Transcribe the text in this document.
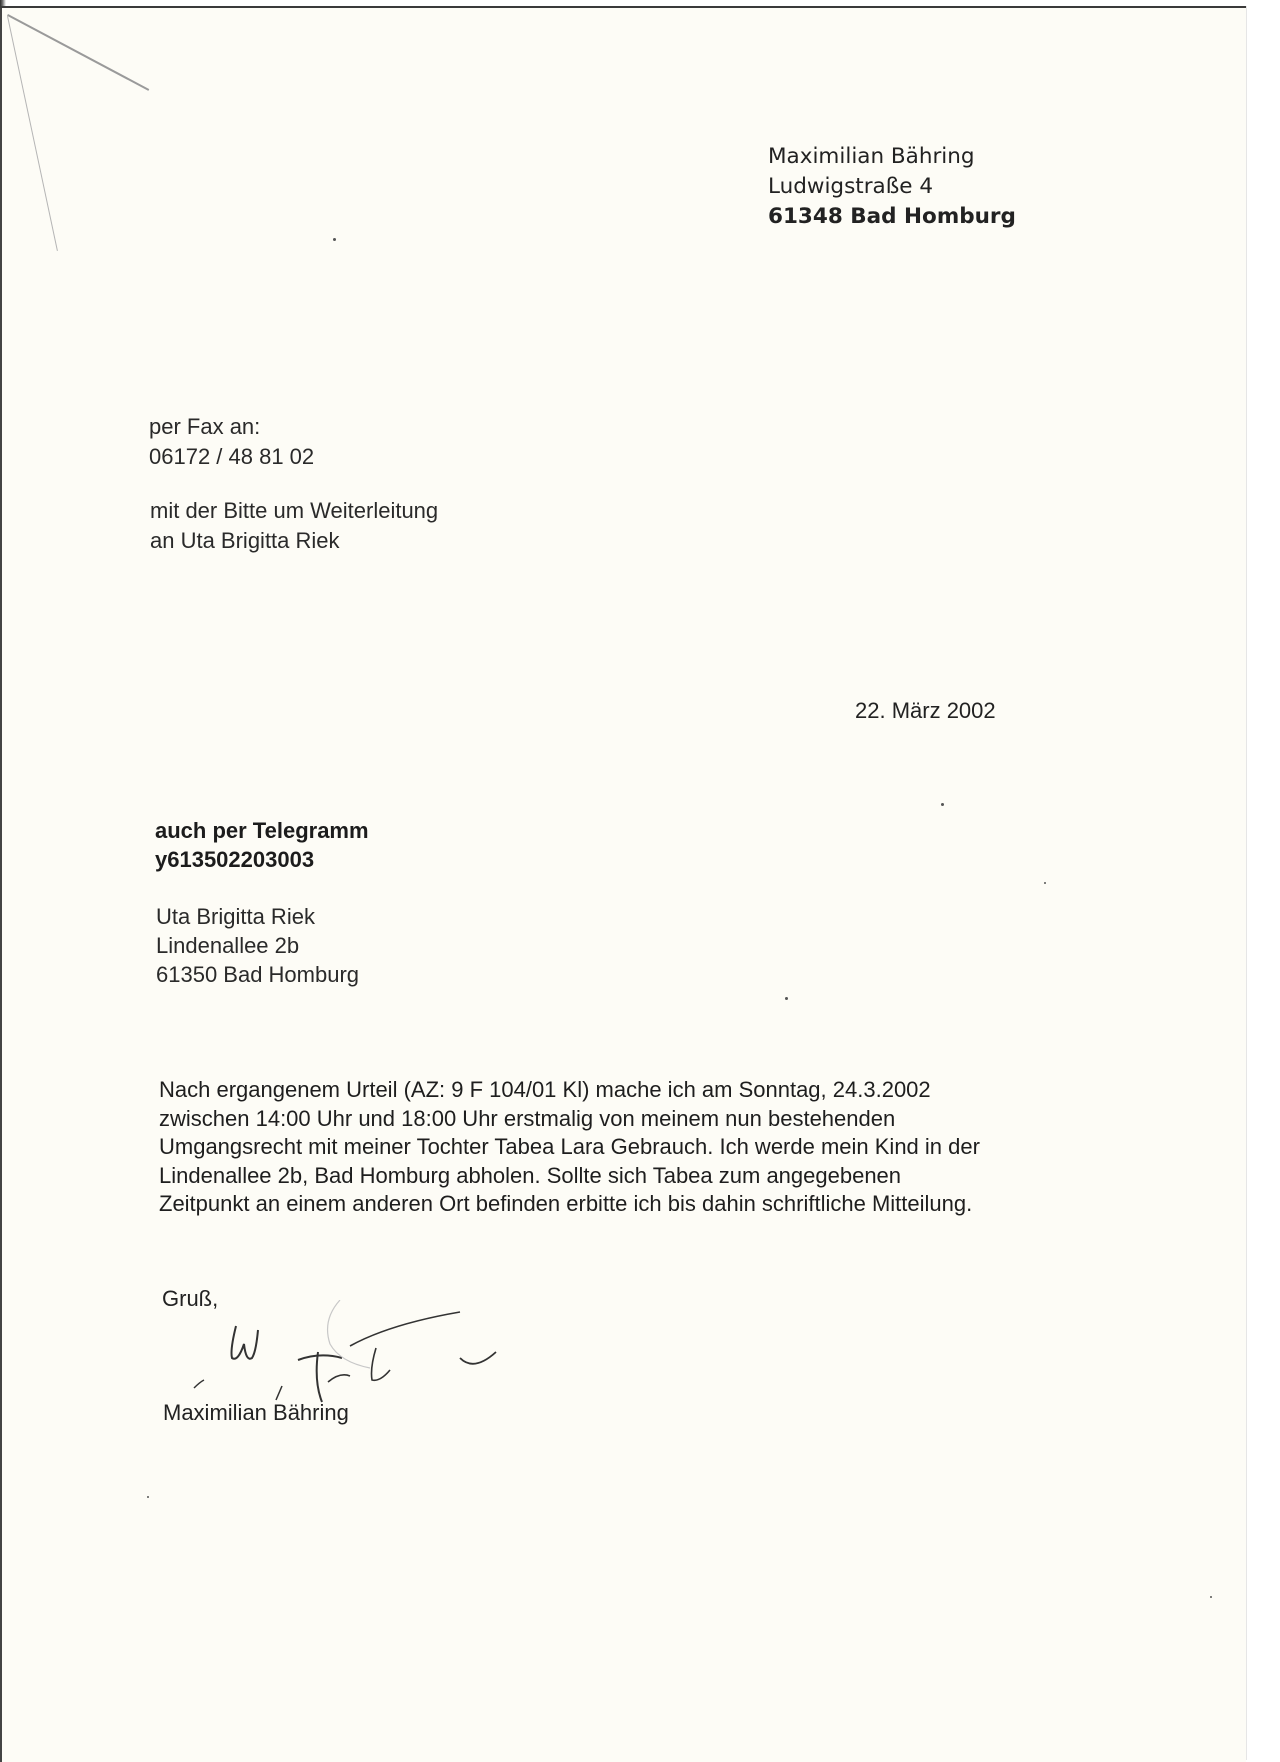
Maximilian Bähring
Ludwigstraße 4
61348 Bad Homburg
per Fax an:
06172 / 48 81 02
mit der Bitte um Weiterleitung
an Uta Brigitta Riek
22. März 2002
auch per Telegramm
y613502203003
Uta Brigitta Riek
Lindenallee 2b
61350 Bad Homburg
Nach ergangenem Urteil (AZ: 9 F 104/01 Kl) mache ich am Sonntag, 24.3.2002
zwischen 14:00 Uhr und 18:00 Uhr erstmalig von meinem nun bestehenden
Umgangsrecht mit meiner Tochter Tabea Lara Gebrauch. Ich werde mein Kind in der
Lindenallee 2b, Bad Homburg abholen. Sollte sich Tabea zum angegebenen
Zeitpunkt an einem anderen Ort befinden erbitte ich bis dahin schriftliche Mitteilung.
Gruß,
Maximilian Bähring
